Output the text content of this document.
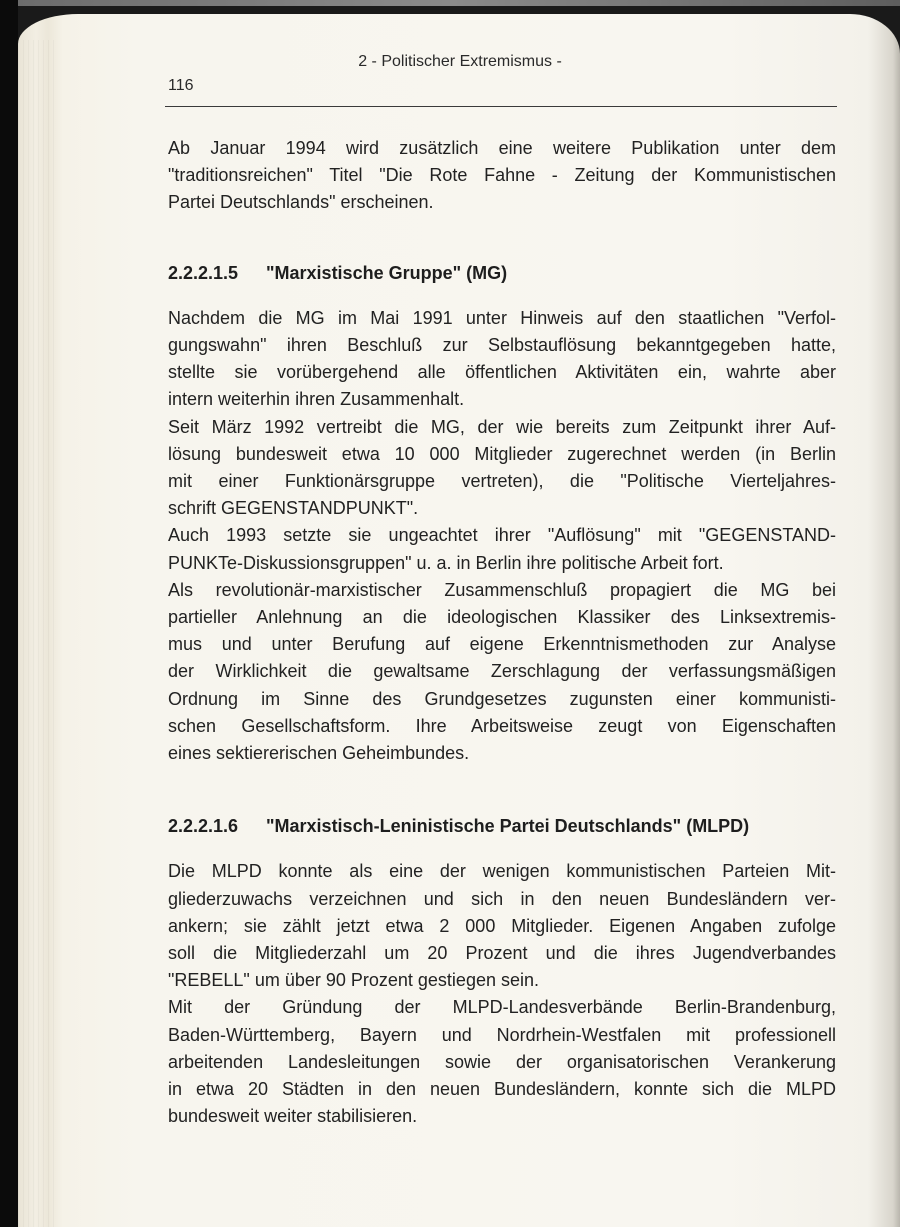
2 - Politischer Extremismus -
116
Ab Januar 1994 wird zusätzlich eine weitere Publikation unter dem
"traditionsreichen" Titel "Die Rote Fahne - Zeitung der Kommunistischen
Partei Deutschlands" erscheinen.
2.2.2.1.5 "Marxistische Gruppe" (MG)
Nachdem die MG im Mai 1991 unter Hinweis auf den staatlichen "Verfol-
gungswahn" ihren Beschluß zur Selbstauflösung bekanntgegeben hatte,
stellte sie vorübergehend alle öffentlichen Aktivitäten ein, wahrte aber
intern weiterhin ihren Zusammenhalt.
Seit März 1992 vertreibt die MG, der wie bereits zum Zeitpunkt ihrer Auf-
lösung bundesweit etwa 10 000 Mitglieder zugerechnet werden (in Berlin
mit einer Funktionärsgruppe vertreten), die "Politische Vierteljahres-
schrift GEGENSTANDPUNKT".
Auch 1993 setzte sie ungeachtet ihrer "Auflösung" mit "GEGENSTAND-
PUNKTe-Diskussionsgruppen" u. a. in Berlin ihre politische Arbeit fort.
Als revolutionär-marxistischer Zusammenschluß propagiert die MG bei
partieller Anlehnung an die ideologischen Klassiker des Linksextremis-
mus und unter Berufung auf eigene Erkenntnismethoden zur Analyse
der Wirklichkeit die gewaltsame Zerschlagung der verfassungsmäßigen
Ordnung im Sinne des Grundgesetzes zugunsten einer kommunisti-
schen Gesellschaftsform. Ihre Arbeitsweise zeugt von Eigenschaften
eines sektiererischen Geheimbundes.
2.2.2.1.6 "Marxistisch-Leninistische Partei Deutschlands" (MLPD)
Die MLPD konnte als eine der wenigen kommunistischen Parteien Mit-
gliederzuwachs verzeichnen und sich in den neuen Bundesländern ver-
ankern; sie zählt jetzt etwa 2 000 Mitglieder. Eigenen Angaben zufolge
soll die Mitgliederzahl um 20 Prozent und die ihres Jugendverbandes
"REBELL" um über 90 Prozent gestiegen sein.
Mit der Gründung der MLPD-Landesverbände Berlin-Brandenburg,
Baden-Württemberg, Bayern und Nordrhein-Westfalen mit professionell
arbeitenden Landesleitungen sowie der organisatorischen Verankerung
in etwa 20 Städten in den neuen Bundesländern, konnte sich die MLPD
bundesweit weiter stabilisieren.
